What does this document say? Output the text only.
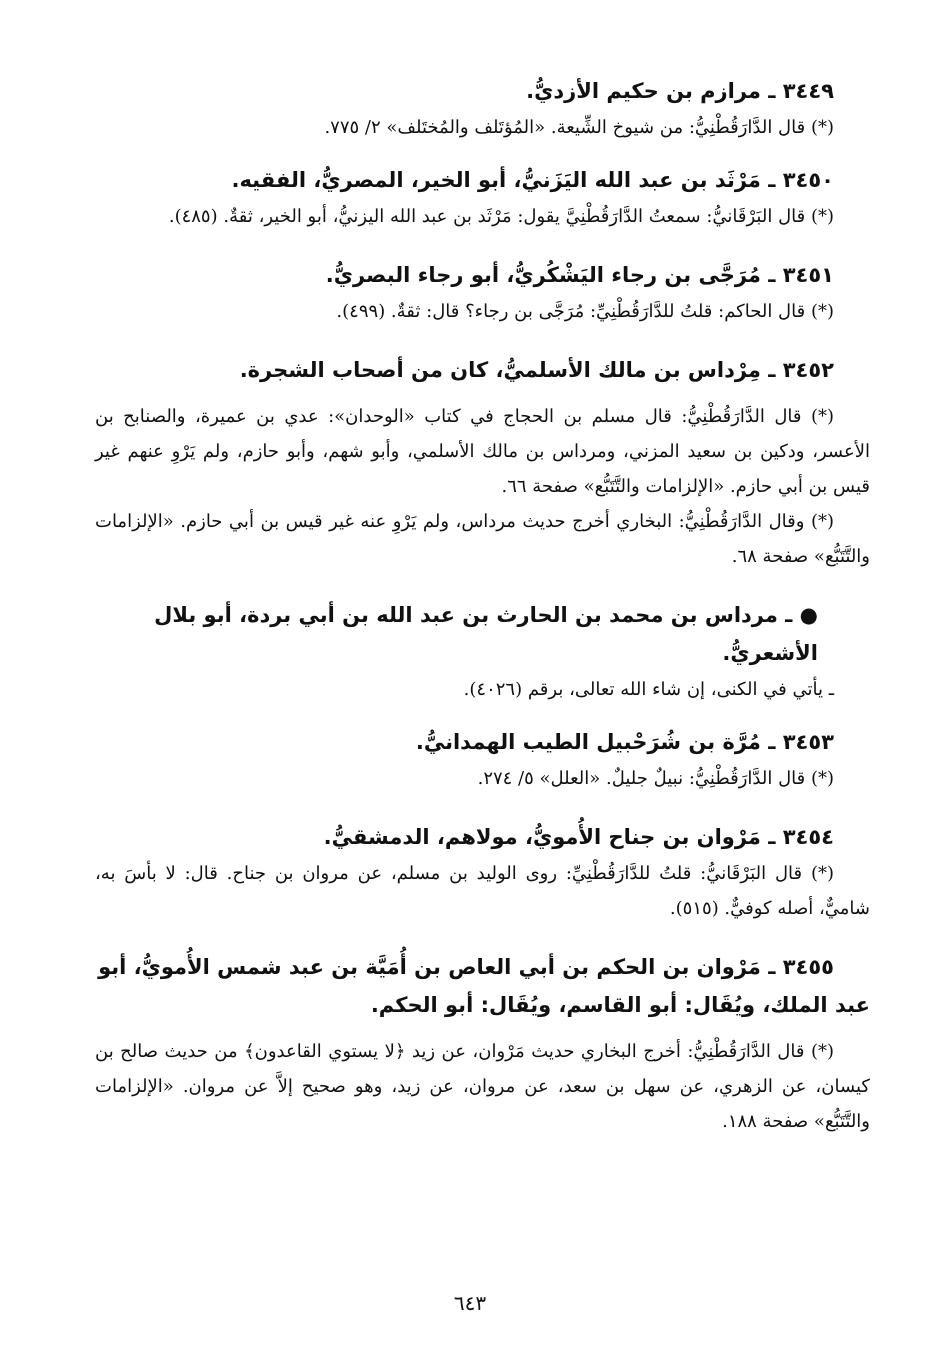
٣٤٤٩ ـ مرازم بن حكيم الأزديُّ.

(*) قال الدَّارَقُطْنِيُّ: من شيوخ الشِّيعة. «المُؤتَلف والمُختَلف» ٢/ ٧٧٥.

٣٤٥٠ ـ مَرْثَد بن عبد الله اليَزَنيُّ، أبو الخير، المصريُّ، الفقيه.

(*) قال البَرْقَانيُّ: سمعتُ الدَّارَقُطْنِيَّ يقول: مَرْثَد بن عبد الله اليزنيُّ، أبو الخير، ثقةٌ. (٤٨٥).

٣٤٥١ ـ مُرَجَّى بن رجاء اليَشْكُريُّ، أبو رجاء البصريُّ.

(*) قال الحاكم: قلتُ للدَّارَقُطْنِيِّ: مُرَجَّى بن رجاء؟ قال: ثقةٌ. (٤٩٩).

٣٤٥٢ ـ مِرْداس بن مالك الأسلميُّ، كان من أصحاب الشجرة.

(*) قال الدَّارَقُطْنِيُّ: قال مسلم بن الحجاج في كتاب «الوحدان»: عدي بن عميرة، والصنابح بن الأعسر، ودكين بن سعيد المزني، ومرداس بن مالك الأسلمي، وأبو شهم، وأبو حازم، ولم يَرْوِ عنهم غير قيس بن أبي حازم. «الإلزامات والتَّتَبُّع» صفحة ٦٦.

(*) وقال الدَّارَقُطْنِيُّ: البخاري أخرج حديث مرداس، ولم يَرْوِ عنه غير قيس بن أبي حازم. «الإلزامات والتَّتَبُّع» صفحة ٦٨.

● ـ مرداس بن محمد بن الحارث بن عبد الله بن أبي بردة، أبو بلال الأشعريُّ.

ـ يأتي في الكنى، إن شاء الله تعالى، برقم (٤٠٢٦).

٣٤٥٣ ـ مُرَّة بن شُرَحْبيل الطيب الهمدانيُّ.

(*) قال الدَّارَقُطْنِيُّ: نبيلٌ جليلٌ. «العلل» ٥/ ٢٧٤.

٣٤٥٤ ـ مَرْوان بن جناح الأُمويُّ، مولاهم، الدمشقيُّ.

(*) قال البَرْقَانيُّ: قلتُ للدَّارَقُطْنِيِّ: روى الوليد بن مسلم، عن مروان بن جناح. قال: لا بأسَ به، شاميٌّ، أصله كوفيٌّ. (٥١٥).

٣٤٥٥ ـ مَرْوان بن الحكم بن أبي العاص بن أُمَيَّة بن عبد شمس الأُمويُّ، أبو عبد الملك، ويُقَال: أبو القاسم، ويُقَال: أبو الحكم.

(*) قال الدَّارَقُطْنِيُّ: أخرج البخاري حديث مَرْوان، عن زيد ﴿لا يستوي القاعدون﴾ من حديث صالح بن كيسان، عن الزهري، عن سهل بن سعد، عن مروان، عن زيد، وهو صحيح إلاَّ عن مروان. «الإلزامات والتَّتَبُّع» صفحة ١٨٨.

٦٤٣
